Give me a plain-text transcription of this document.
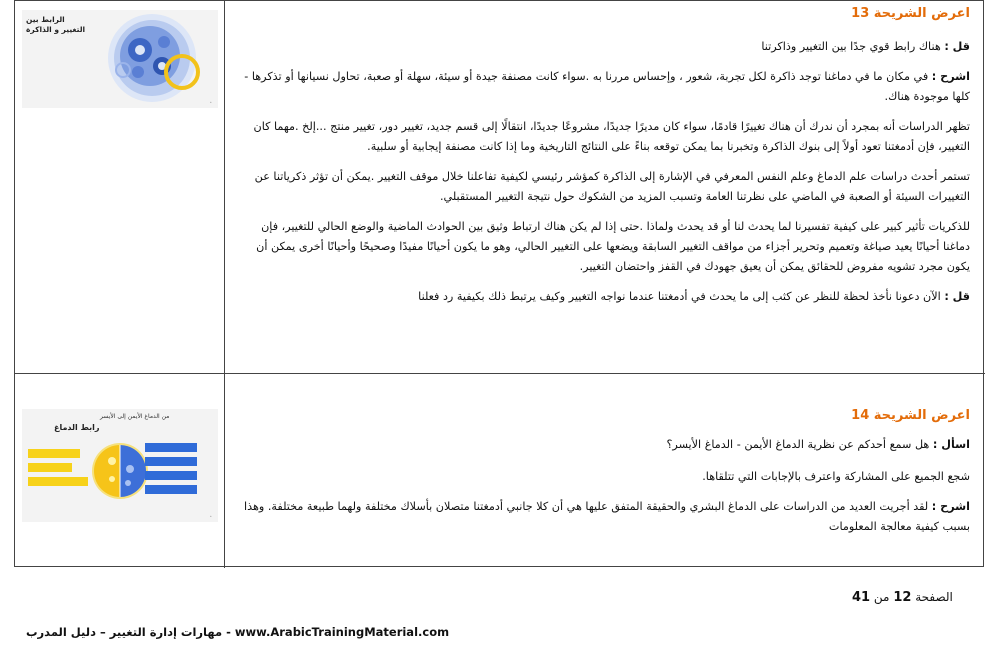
اعرض الشريحة 13

قل : هناك رابط قوي جدًا بين التغيير وذاكرتنا

اشرح : في مكان ما في دماغنا توجد ذاكرة لكل تجربة، شعور ، وإحساس مررنا به .سواء كانت مصنفة جيدة أو سيئة، سهلة أو صعبة، تحاول نسيانها أو تذكرها - كلها موجودة هناك.

تظهر الدراسات أنه بمجرد أن ندرك أن هناك تغييرًا قادمًا، سواء كان مديرًا جديدًا، مشروعًا جديدًا، انتقالًا إلى قسم جديد، تغيير دور، تغيير منتج ...إلخ .مهما كان التغيير، فإن أدمغتنا تعود أولاً إلى بنوك الذاكرة وتخبرنا بما يمكن توقعه بناءً على النتائج التاريخية وما إذا كانت مصنفة إيجابية أو سلبية.

تستمر أحدث دراسات علم الدماغ وعلم النفس المعرفي في الإشارة إلى الذاكرة كمؤشر رئيسي لكيفية تفاعلنا خلال موقف التغيير .يمكن أن تؤثر ذكرياتنا عن التغييرات السيئة أو الصعبة في الماضي على نظرتنا العامة وتسبب المزيد من الشكوك حول نتيجة التغيير المستقبلي.

للذكريات تأثير كبير على كيفية تفسيرنا لما يحدث لنا أو قد يحدث ولماذا .حتى إذا لم يكن هناك ارتباط وثيق بين الحوادث الماضية والوضع الحالي للتغيير، فإن دماغنا أحيانًا يعيد صياغة وتعميم وتحرير أجزاء من مواقف التغيير السابقة ويضعها على التغيير الحالي، وهو ما يكون أحيانًا مفيدًا وصحيحًا وأحيانًا أخرى يمكن أن يكون مجرد تشويه مفروض للحقائق يمكن أن يعيق جهودك في القفز واحتضان التغيير.

قل : الآن دعونا نأخذ لحظة للنظر عن كثب إلى ما يحدث في أدمغتنا عندما نواجه التغيير وكيف يرتبط ذلك بكيفية رد فعلنا

اعرض الشريحة 14

اسأل : هل سمع أحدكم عن نظرية الدماغ الأيمن - الدماغ الأيسر؟

شجع الجميع على المشاركة واعترف بالإجابات التي تتلقاها.

اشرح : لقد أجريت العديد من الدراسات على الدماغ البشري والحقيقة المتفق عليها هي أن كلا جانبي أدمغتنا متصلان بأسلاك مختلفة ولهما طبيعة مختلفة. وهذا بسبب كيفية معالجة المعلومات

الرابط بين التغيير و الذاكرة
•
من الدماغ الأيمن إلى الأيسر
رابط الدماغ
•
الصفحة 12 من 41
www.ArabicTrainingMaterial.com - مهارات إدارة التغيير – دليل المدرب
